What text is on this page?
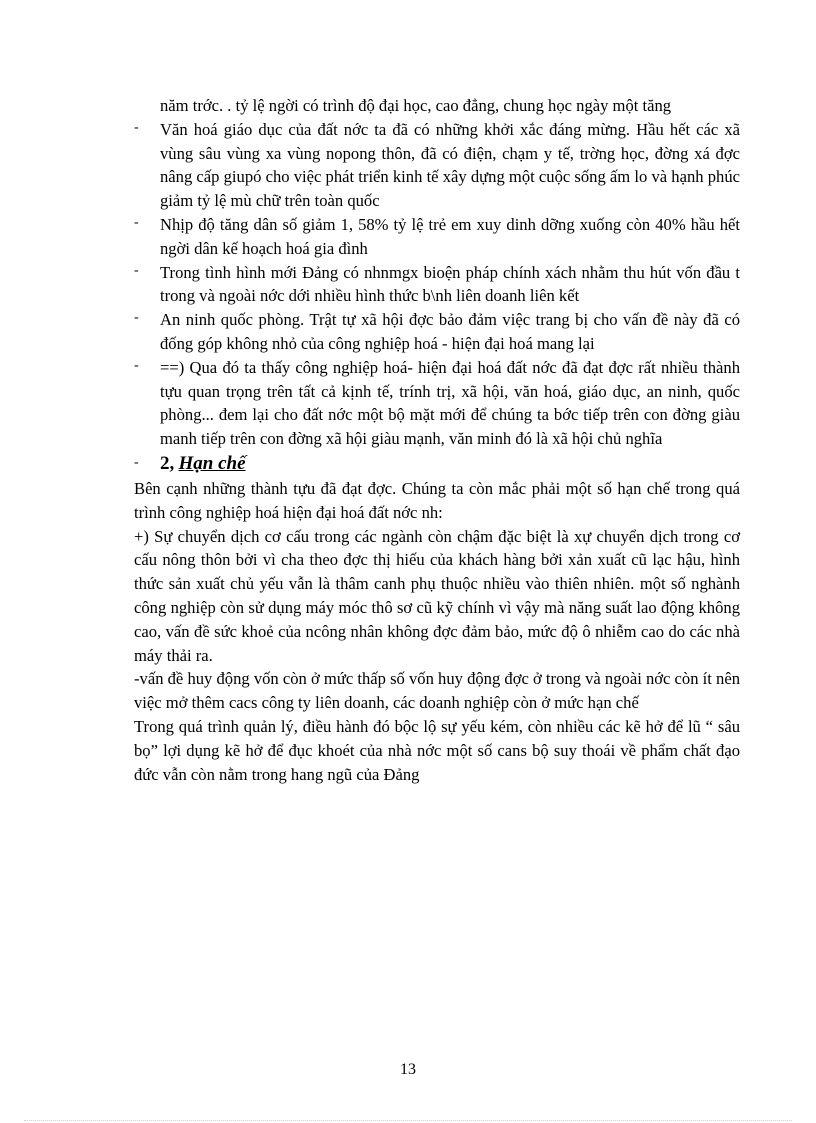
năm trớc. . tỷ lệ ngời có trình độ đại học, cao đẳng, chung học ngày một tăng

- Văn hoá giáo dục của đất nớc ta đã có những khởi xắc đáng mừng. Hầu hết các xã vùng sâu vùng xa vùng nopong thôn, đã có điện, chạm y tế, trờng học, đờng xá đợc nâng cấp giupó cho việc phát triển kinh tế xây dựng một cuộc sống ấm lo và hạnh phúc giảm tỷ lệ mù chữ trên toàn quốc
- Nhịp độ tăng dân số giảm 1, 58% tỷ lệ trẻ em xuy dinh dỡng xuống còn 40% hầu hết ngời dân kế hoạch hoá gia đình
- Trong tình hình mới Đảng có nhnmgx bioện pháp chính xách nhằm thu hút vốn đầu t trong và ngoài nớc dới nhiều hình thức b\nh liên doanh liên kết
- An ninh quốc phòng. Trật tự xã hội đợc bảo đảm việc trang bị cho vấn đề này đã có đống góp không nhỏ của công nghiệp hoá - hiện đại hoá mang lại
- ==) Qua đó ta thấy công nghiệp hoá- hiện đại hoá đất nớc đã đạt đợc rất nhiều thành tựu quan trọng trên tất cả kịnh tế, trính trị, xã hội, văn hoá, giáo dục, an ninh, quốc phòng... đem lại cho đất nớc một bộ mặt mới để chúng ta bớc tiếp trên con đờng giàu manh tiếp trên con đờng xã hội giàu mạnh, văn minh đó là xã hội chủ nghĩa
- 2, Hạn chế

Bên cạnh những thành tựu đã đạt đợc. Chúng ta còn mắc phải một số hạn chế trong quá trình công nghiệp hoá hiện đại hoá đất nớc nh:

+) Sự chuyển dịch cơ cấu trong các ngành còn chậm đặc biệt là xự chuyển dịch trong cơ cấu nông thôn bởi vì cha theo đợc thị hiếu của khách hàng bởi xản xuất cũ lạc hậu, hình thức sản xuất chủ yếu vẫn là thâm canh phụ thuộc nhiều vào thiên nhiên. một số nghành công nghiệp còn sử dụng máy móc thô sơ cũ kỹ chính vì vậy mà năng suất lao động không cao, vấn đề sức khoẻ của ncông nhân không đợc đảm bảo, mức độ ô nhiễm cao do các nhà máy thải ra.

-vấn đề huy động vốn còn ở mức thấp số vốn huy động đợc ở trong và ngoài nớc còn ít nên việc mở thêm cacs công ty liên doanh, các doanh nghiệp còn ở mức hạn chế

Trong quá trình quản lý, điều hành đó bộc lộ sự yếu kém, còn nhiều các kẽ hở để lũ “ sâu bọ” lợi dụng kẽ hở để đục khoét của nhà nớc một số cans bộ suy thoái về phẩm chất đạo đức vẫn còn nằm trong hang ngũ của Đảng

13
